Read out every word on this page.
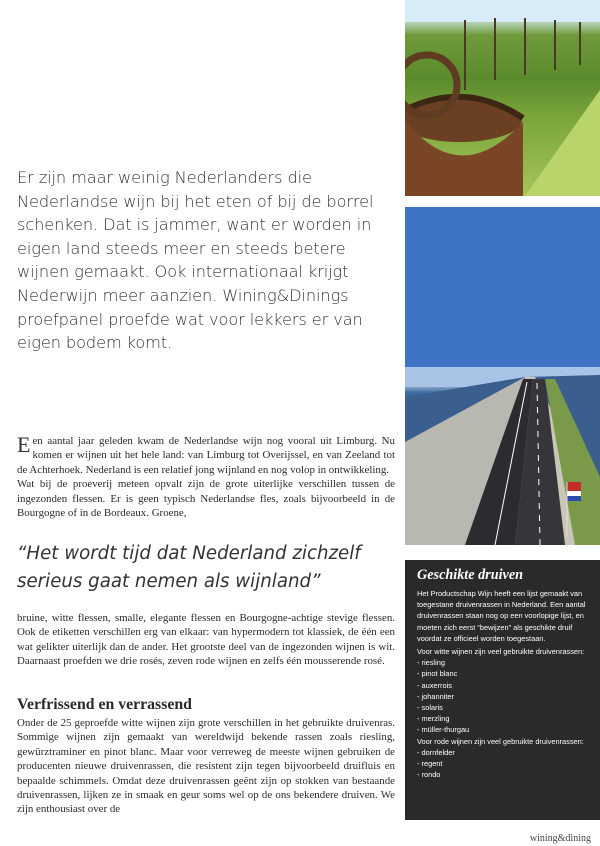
Er zijn maar weinig Nederlanders die Nederlandse wijn bij het eten of bij de borrel schenken. Dat is jammer, want er worden in eigen land steeds meer en steeds betere wijnen gemaakt. Ook internationaal krijgt Nederwijn meer aanzien. Wining&Dinings proefpanel proefde wat voor lekkers er van eigen bodem komt.
E en aantal jaar geleden kwam de Nederlandse wijn nog vooral uit Limburg. Nu komen er wijnen uit het hele land: van Limburg tot Overijssel, en van Zeeland tot de Achterhoek. Nederland is een relatief jong wijnland en nog volop in ontwikkeling.

Wat bij de proeverij meteen opvalt zijn de grote uiterlijke verschillen tussen de ingezonden flessen. Er is geen typisch Nederlandse fles, zoals bijvoorbeeld in de Bourgogne of in de Bordeaux. Groene,

“Het wordt tijd dat Nederland zichzelf serieus gaat nemen als wijnland”
bruine, witte flessen, smalle, elegante flessen en Bourgogne-achtige stevige flessen. Ook de etiketten verschillen erg van elkaar: van hypermodern tot klassiek, de één een wat gelikter uiterlijk dan de ander. Het grootste deel van de ingezonden wijnen is wit. Daarnaast proefden we drie rosés, zeven rode wijnen en zelfs één mousserende rosé.
Verfrissend en verrassend
Onder de 25 geproefde witte wijnen zijn grote verschillen in het gebruikte druivenras. Sommige wijnen zijn gemaakt van wereldwijd bekende rassen zoals riesling, gewürztraminer en pinot blanc. Maar voor verreweg de meeste wijnen gebruiken de producenten nieuwe druivenrassen, die resistent zijn tegen bijvoorbeeld druifluis en bepaalde schimmels. Omdat deze druivenrassen geënt zijn op stokken van bestaande druivenrassen, lijken ze in smaak en geur soms wel op de ons bekendere druiven. We zijn enthousiast over de
Geschikte druiven
Het Productschap Wijn heeft een lijst gemaakt van toegestane druivenrassen in Nederland. Een aantal druivenrassen staan nog op een voorlopige lijst, en moeten zich eerst “bewijzen” als geschikte druif voordat ze officieel worden toegestaan.
Voor witte wijnen zijn veel gebruikte druivenrassen:
- riesling
- pinot blanc
- auxerrois
- johanniter
- solaris
- merzling
- müller-thurgau
Voor rode wijnen zijn veel gebruikte druivenrassen:
- dornfelder
- regent
- rondo
wining&dining
